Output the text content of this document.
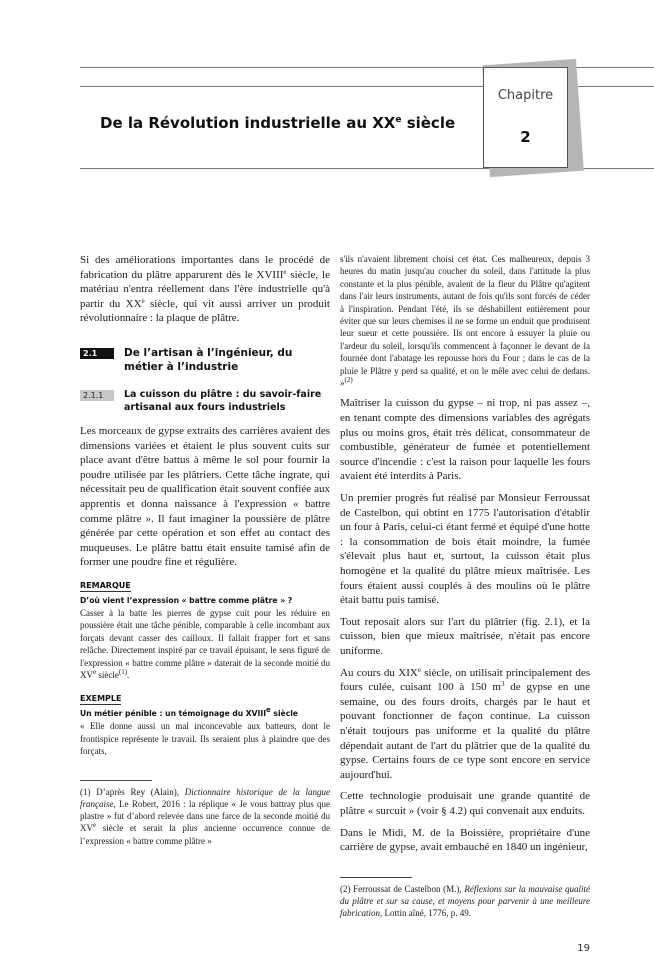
De la Révolution industrielle au XXe siècle
Chapitre
2

Si des améliorations importantes dans le procédé de fabrication du plâtre apparurent dès le XVIIIe siècle, le matériau n'entra réellement dans l'ère industrielle qu'à partir du XXe siècle, qui vit aussi arriver un produit révolutionnaire : la plaque de plâtre.

2.1	De l’artisan à l’ingénieur, du métier à l’industrie
2.1.1	La cuisson du plâtre : du savoir-faire artisanal aux fours industriels

Les morceaux de gypse extraits des carrières avaient des dimensions variées et étaient le plus souvent cuits sur place avant d'être battus à même le sol pour fournir la poudre utilisée par les plâtriers. Cette tâche ingrate, qui nécessitait peu de qualification était souvent confiée aux apprentis et donna naissance à l'expression « battre comme plâtre ». Il faut imaginer la poussière de plâtre générée par cette opération et son effet au contact des muqueuses. Le plâtre battu était ensuite tamisé afin de former une poudre fine et régulière.

REMARQUE
D’où vient l’expression « battre comme plâtre » ?

Casser à la batte les pierres de gypse cuit pour les réduire en poussière était une tâche pénible, comparable à celle incombant aux forçats devant casser des cailloux. Il fallait frapper fort et sans relâche. Directement inspiré par ce travail épuisant, le sens figuré de l'expression « battre comme plâtre » daterait de la seconde moitié du XVe siècle$^{(1)}$.

EXEMPLE
Un métier pénible : un témoignage du XVIIIe siècle

« Elle donne aussi un mal inconcevable aux batteurs, dont le frontispice représente le travail. Ils seraient plus à plaindre que des forçats,

(1) D’après Rey (Alain), Dictionnaire historique de la langue française, Le Robert, 2016 : la réplique « Je vous battray plus que plastre » fut d’abord relevée dans une farce de la seconde moitié du XVe siècle et serait la plus ancienne occurrence connue de l’expression « battre comme plâtre »

s'ils n'avaient librement choisi cet état. Ces malheureux, depuis 3 heures du matin jusqu'au coucher du soleil, dans l'attitude la plus constante et la plus pénible, avalent de la fleur du Plâtre qu'agitent dans l'air leurs instruments, autant de fois qu'ils sont forcés de céder à l'inspiration. Pendant l'été, ils se déshabillent entièrement pour éviter que sur leurs chemises il ne se forme un enduit que produisent leur sueur et cette poussière. Ils ont encore à essuyer la pluie ou l'ardeur du soleil, lorsqu'ils commencent à façonner le devant de la fournée dont l'abatage les repousse hors du Four ; dans le cas de la pluie le Plâtre y perd sa qualité, et on le mêle avec celui de dedans. »$^{(2)}$

Maîtriser la cuisson du gypse – ni trop, ni pas assez –, en tenant compte des dimensions variables des agrégats plus ou moins gros, était très délicat, consommateur de combustible, générateur de fumée et potentiellement source d'incendie : c'est la raison pour laquelle les fours avaient été interdits à Paris.

Un premier progrès fut réalisé par Monsieur Ferroussat de Castelbon, qui obtint en 1775 l'autorisation d'établir un four à Paris, celui-ci étant fermé et équipé d'une hotte : la consommation de bois était moindre, la fumée s'élevait plus haut et, surtout, la cuisson était plus homogène et la qualité du plâtre mieux maîtrisée. Les fours étaient aussi couplés à des moulins où le plâtre était battu puis tamisé.

Tout reposait alors sur l'art du plâtrier (fig. 2.1), et la cuisson, bien que mieux maîtrisée, n'était pas encore uniforme.

Au cours du XIXe siècle, on utilisait principalement des fours culée, cuisant 100 à 150 $m^3$ de gypse en une semaine, ou des fours droits, chargés par le haut et pouvant fonctionner de façon continue. La cuisson n'était toujours pas uniforme et la qualité du plâtre dépendait autant de l'art du plâtrier que de la qualité du gypse. Certains fours de ce type sont encore en service aujourd'hui.

Cette technologie produisait une grande quantité de plâtre « surcuit » (voir § 4.2) qui convenait aux enduits.

Dans le Midi, M. de la Boissière, propriétaire d'une carrière de gypse, avait embauché en 1840 un ingénieur,

(2) Ferroussat de Castelbon (M.), Réflexions sur la mauvaise qualité du plâtre et sur sa cause, et moyens pour parvenir à une meilleure fabrication, Lottin aîné, 1776, p. 49.

19
